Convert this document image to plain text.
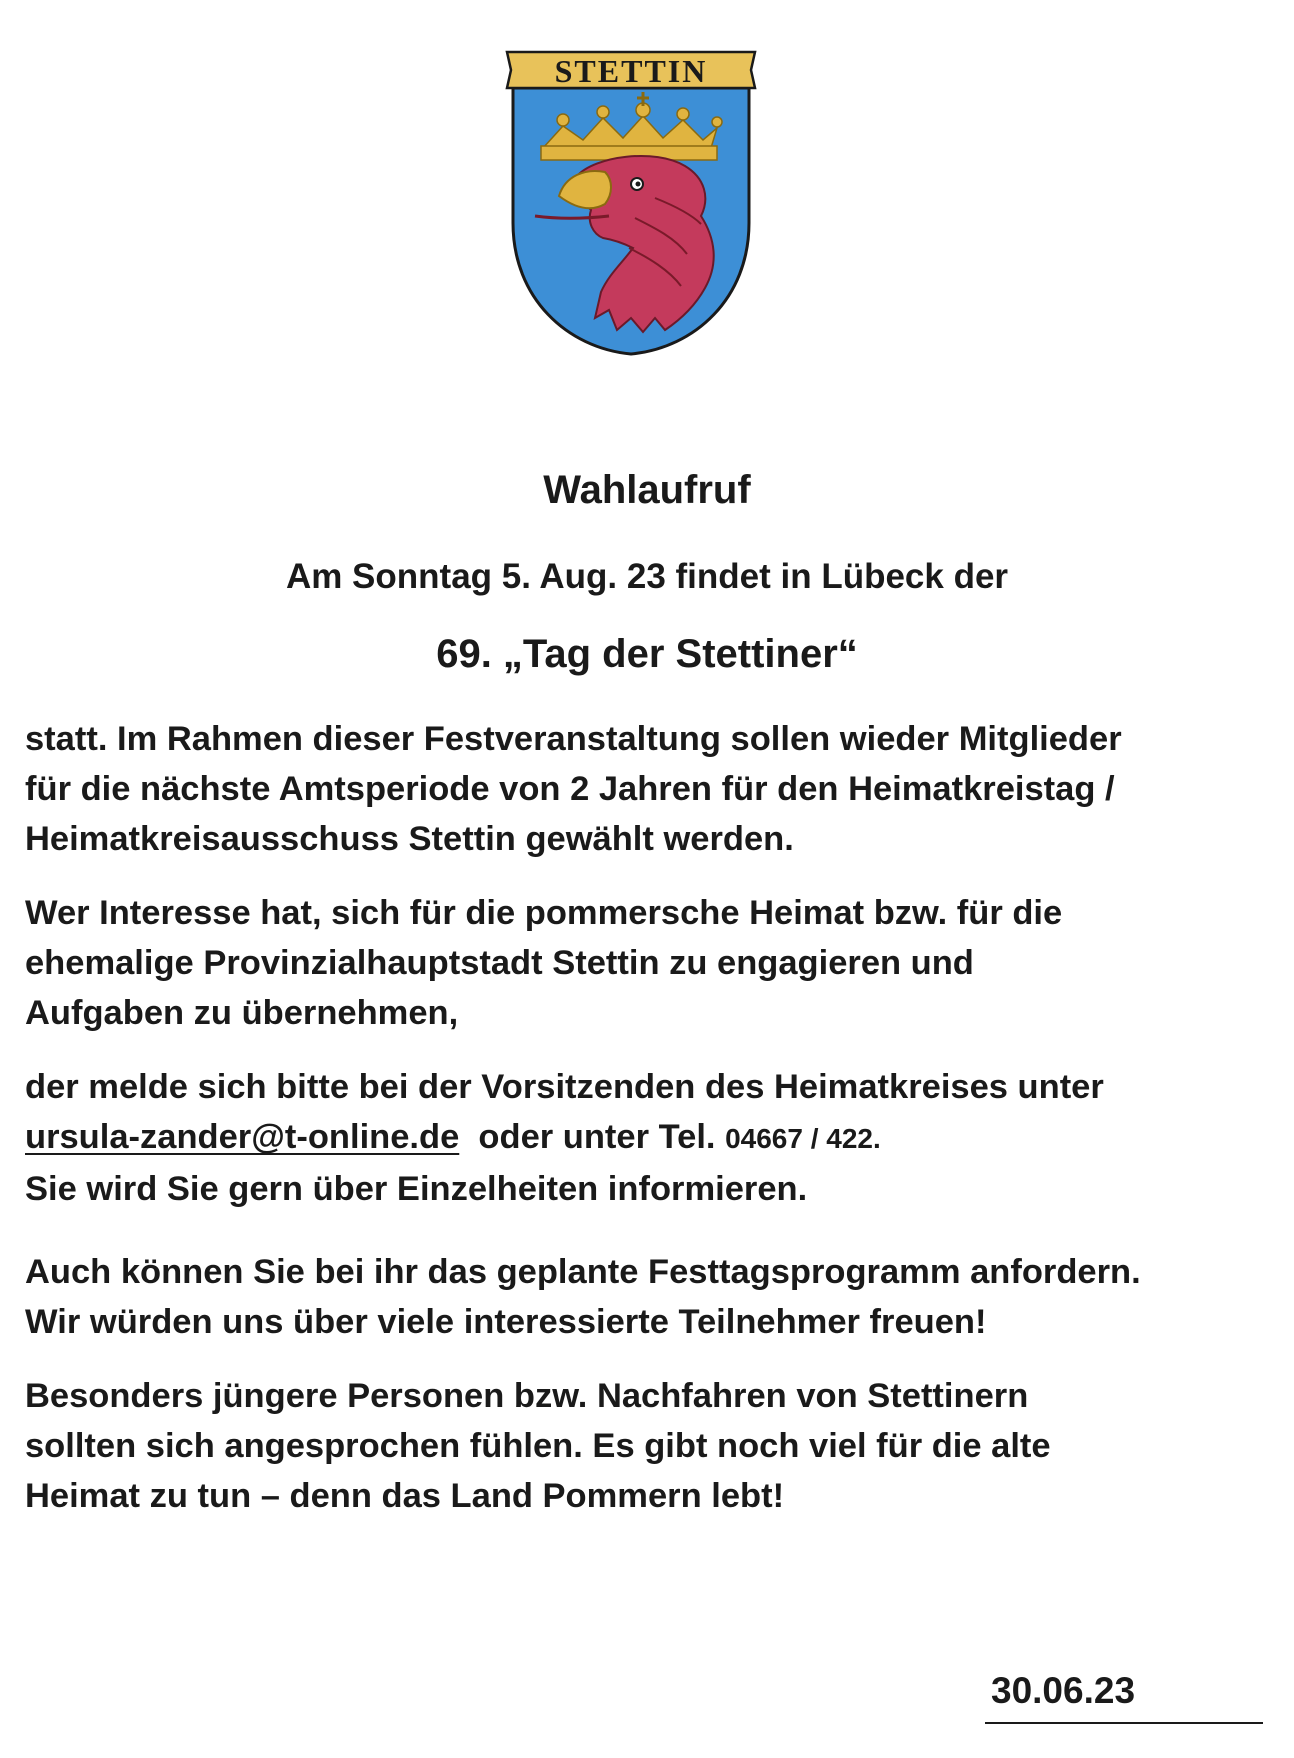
STETTIN
Wahlaufruf
Am Sonntag 5. Aug. 23 findet in Lübeck der
69. „Tag der Stettiner“
statt. Im Rahmen dieser Festveranstaltung sollen wieder Mitglieder
für die nächste Amtsperiode von 2 Jahren für den Heimatkreistag /
Heimatkreisausschuss Stettin gewählt werden.
Wer Interesse hat, sich für die pommersche Heimat bzw. für die
ehemalige Provinzialhauptstadt Stettin zu engagieren und
Aufgaben zu übernehmen,
der melde sich bitte bei der Vorsitzenden des Heimatkreises unter
ursula-zander@t-online.de  oder unter Tel. 04667 / 422.
Sie wird Sie gern über Einzelheiten informieren.
Auch können Sie bei ihr das geplante Festtagsprogramm anfordern.
Wir würden uns über viele interessierte Teilnehmer freuen!
Besonders jüngere Personen bzw. Nachfahren von Stettinern
sollten sich angesprochen fühlen. Es gibt noch viel für die alte
Heimat zu tun – denn das Land Pommern lebt!
30.06.23
